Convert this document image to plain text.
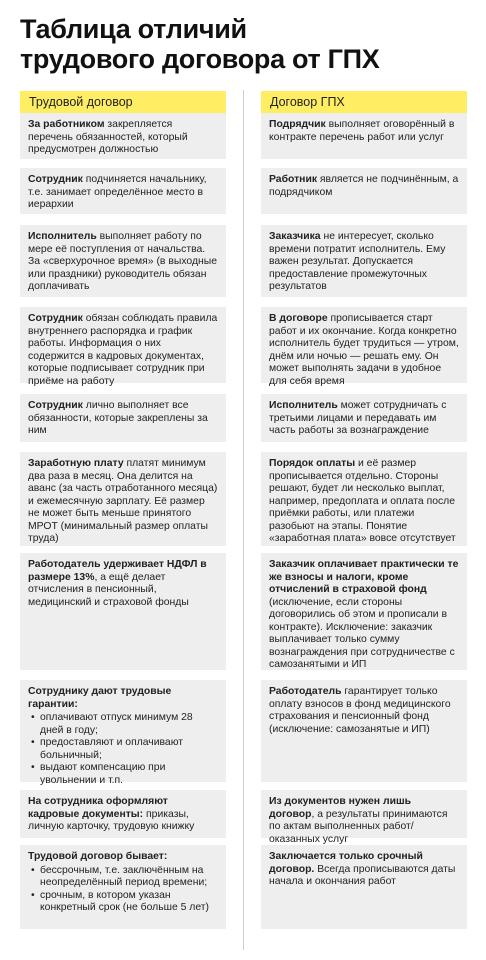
Таблица отличий
трудового договора от ГПХ
Трудовой договор
За работником закрепляется перечень обязанностей, который предусмотрен должностью
Сотрудник подчиняется начальнику, т.е. занимает определённое место в иерархии
Исполнитель выполняет работу по мере её поступления от начальства. За «сверхурочное время» (в выходные или праздники) руководитель обязан доплачивать
Сотрудник обязан соблюдать правила внутреннего распорядка и график работы. Информация о них содержится в кадровых документах, которые подписывает сотрудник при приёме на работу
Сотрудник лично выполняет все обязанности, которые закреплены за ним
Заработную плату платят минимум два раза в месяц. Она делится на аванс (за часть отработанного месяца) и ежемесячную зарплату. Её размер не может быть меньше принятого МРОТ (минимальный размер оплаты труда)
Работодатель удерживает НДФЛ в размере 13%, а ещё делает отчисления в пенсионный, медицинский и страховой фонды
Сотруднику дают трудовые гарантии:
• оплачивают отпуск минимум 28 дней в году;
• предоставляют и оплачивают больничный;
• выдают компенсацию при увольнении и т.п.
На сотрудника оформляют кадровые документы: приказы, личную карточку, трудовую книжку
Трудовой договор бывает:
• бессрочным, т.е. заключённым на неопределённый период времени;
• срочным, в котором указан конкретный срок (не больше 5 лет)
Договор ГПХ
Подрядчик выполняет оговорённый в контракте перечень работ или услуг
Работник является не подчинённым, а подрядчиком
Заказчика не интересует, сколько времени потратит исполнитель. Ему важен результат. Допускается предоставление промежуточных результатов
В договоре прописывается старт работ и их окончание. Когда конкретно исполнитель будет трудиться — утром, днём или ночью — решать ему. Он может выполнять задачи в удобное для себя время
Исполнитель может сотрудничать с третьими лицами и передавать им часть работы за вознаграждение
Порядок оплаты и её размер прописывается отдельно. Стороны решают, будет ли несколько выплат, например, предоплата и оплата после приёмки работы, или платежи разобьют на этапы. Понятие «заработная плата» вовсе отсутствует
Заказчик оплачивает практически те же взносы и налоги, кроме отчислений в страховой фонд (исключение, если стороны договорились об этом и прописали в контракте). Исключение: заказчик выплачивает только сумму вознаграждения при сотрудничестве с самозанятыми и ИП
Работодатель гарантирует только оплату взносов в фонд медицинского страхования и пенсионный фонд (исключение: самозанятые и ИП)
Из документов нужен лишь договор, а результаты принимаются по актам выполненных работ/оказанных услуг
Заключается только срочный договор. Всегда прописываются даты начала и окончания работ
